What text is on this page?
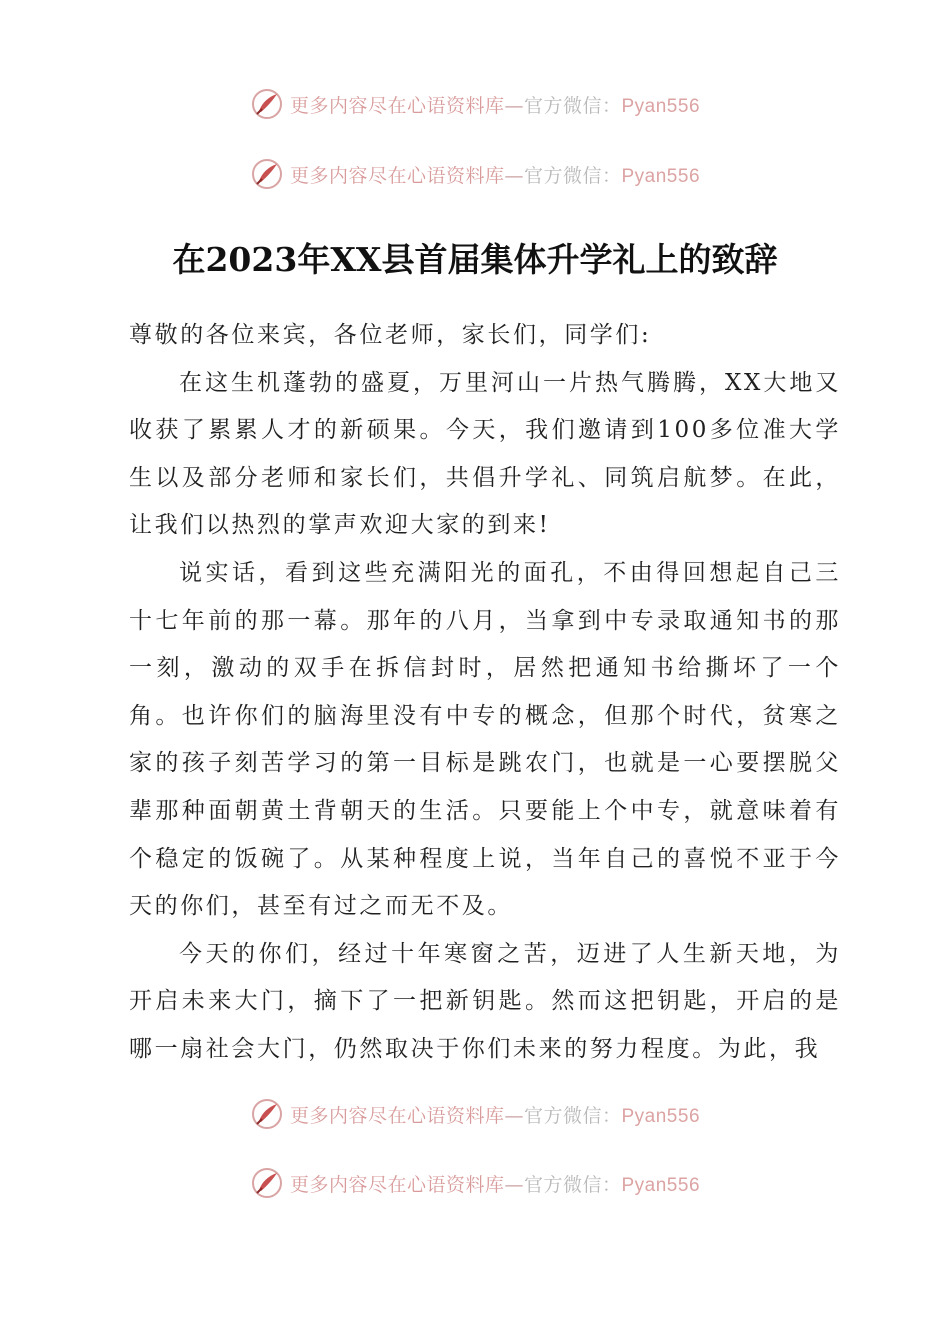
更多内容尽在心语资料库—官方微信：Pyan556
更多内容尽在心语资料库—官方微信：Pyan556
在2023年XX县首届集体升学礼上的致辞

尊敬的各位来宾，各位老师，家长们，同学们:

在这生机蓬勃的盛夏，万里河山一片热气腾腾，XX大地又收获了累累人才的新硕果。今天，我们邀请到100多位准大学生以及部分老师和家长们，共倡升学礼、同筑启航梦。在此，让我们以热烈的掌声欢迎大家的到来!

说实话，看到这些充满阳光的面孔，不由得回想起自己三十七年前的那一幕。那年的八月，当拿到中专录取通知书的那一刻，激动的双手在拆信封时，居然把通知书给撕坏了一个角。也许你们的脑海里没有中专的概念，但那个时代，贫寒之家的孩子刻苦学习的第一目标是跳农门，也就是一心要摆脱父辈那种面朝黄土背朝天的生活。只要能上个中专，就意味着有个稳定的饭碗了。从某种程度上说，当年自己的喜悦不亚于今天的你们，甚至有过之而无不及。

今天的你们，经过十年寒窗之苦，迈进了人生新天地，为开启未来大门，摘下了一把新钥匙。然而这把钥匙，开启的是哪一扇社会大门，仍然取决于你们未来的努力程度。为此，我

更多内容尽在心语资料库—官方微信：Pyan556
更多内容尽在心语资料库—官方微信：Pyan556
